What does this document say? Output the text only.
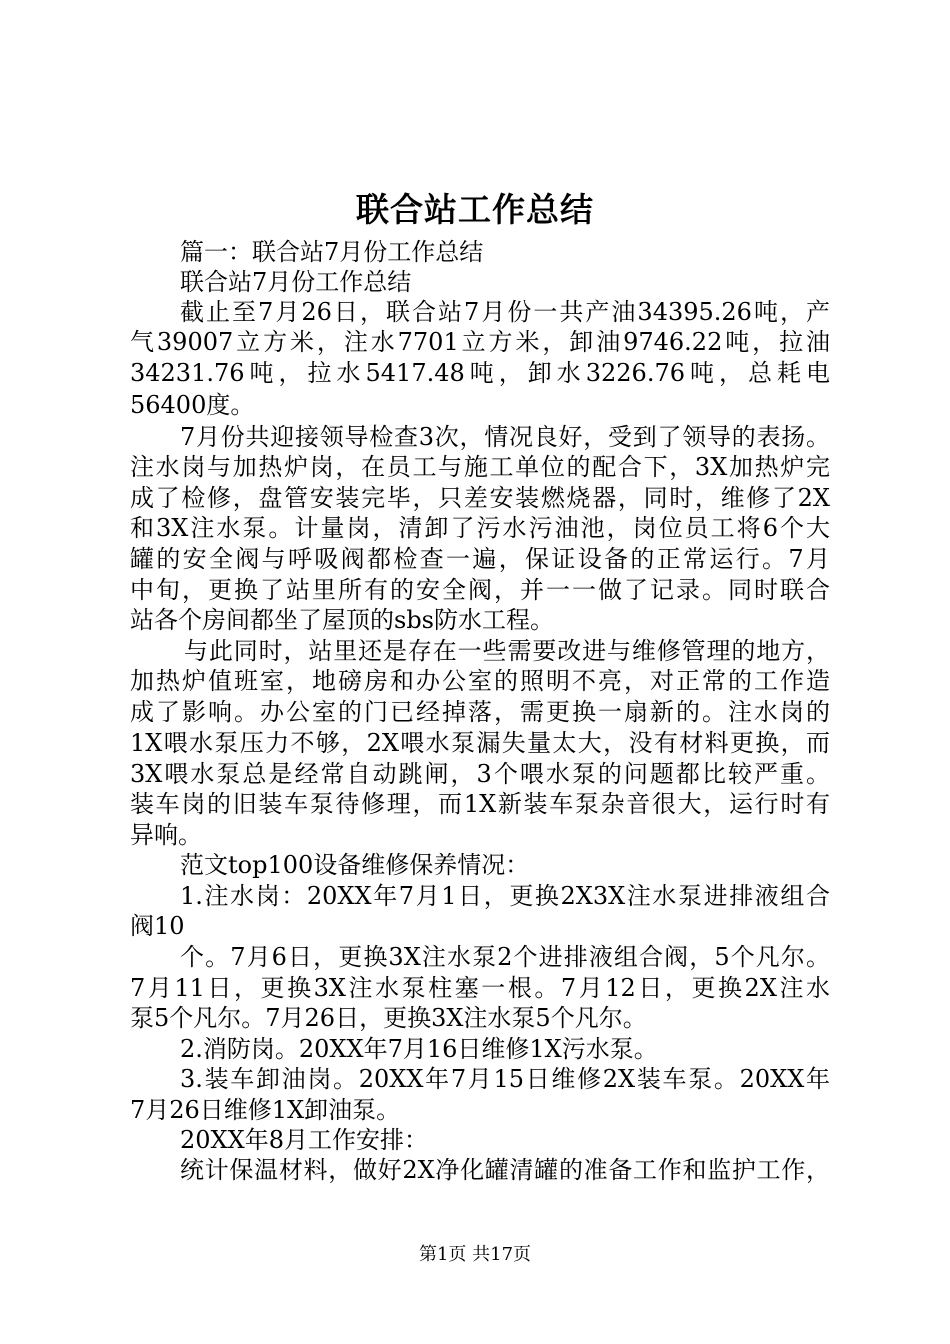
联合站工作总结
篇一：联合站7月份工作总结
联合站7月份工作总结
截止至7月26日，联合站7月份一共产油34395.26吨，产
气39007立方米，注水7701立方米，卸油9746.22吨，拉油
34231.76吨，拉水5417.48吨，卸水3226.76吨，总耗电
56400度。
7月份共迎接领导检查3次，情况良好，受到了领导的表扬。
注水岗与加热炉岗，在员工与施工单位的配合下，3X加热炉完
成了检修，盘管安装完毕，只差安装燃烧器，同时，维修了2X
和3X注水泵。计量岗，清卸了污水污油池，岗位员工将6个大
罐的安全阀与呼吸阀都检查一遍，保证设备的正常运行。7月
中旬，更换了站里所有的安全阀，并一一做了记录。同时联合
站各个房间都坐了屋顶的sbs防水工程。
与此同时，站里还是存在一些需要改进与维修管理的地方，
加热炉值班室，地磅房和办公室的照明不亮，对正常的工作造
成了影响。办公室的门已经掉落，需更换一扇新的。注水岗的
1X喂水泵压力不够，2X喂水泵漏失量太大，没有材料更换，而
3X喂水泵总是经常自动跳闸，3个喂水泵的问题都比较严重。
装车岗的旧装车泵待修理，而1X新装车泵杂音很大，运行时有
异响。
范文top100设备维修保养情况：
1.注水岗：20XX年7月1日，更换2X3X注水泵进排液组合
阀10
个。7月6日，更换3X注水泵2个进排液组合阀，5个凡尔。
7月11日，更换3X注水泵柱塞一根。7月12日，更换2X注水
泵5个凡尔。7月26日，更换3X注水泵5个凡尔。
2.消防岗。20XX年7月16日维修1X污水泵。
3.装车卸油岗。20XX年7月15日维修2X装车泵。20XX年
7月26日维修1X卸油泵。
20XX年8月工作安排：
统计保温材料，做好2X净化罐清罐的准备工作和监护工作，
第1页 共17页
